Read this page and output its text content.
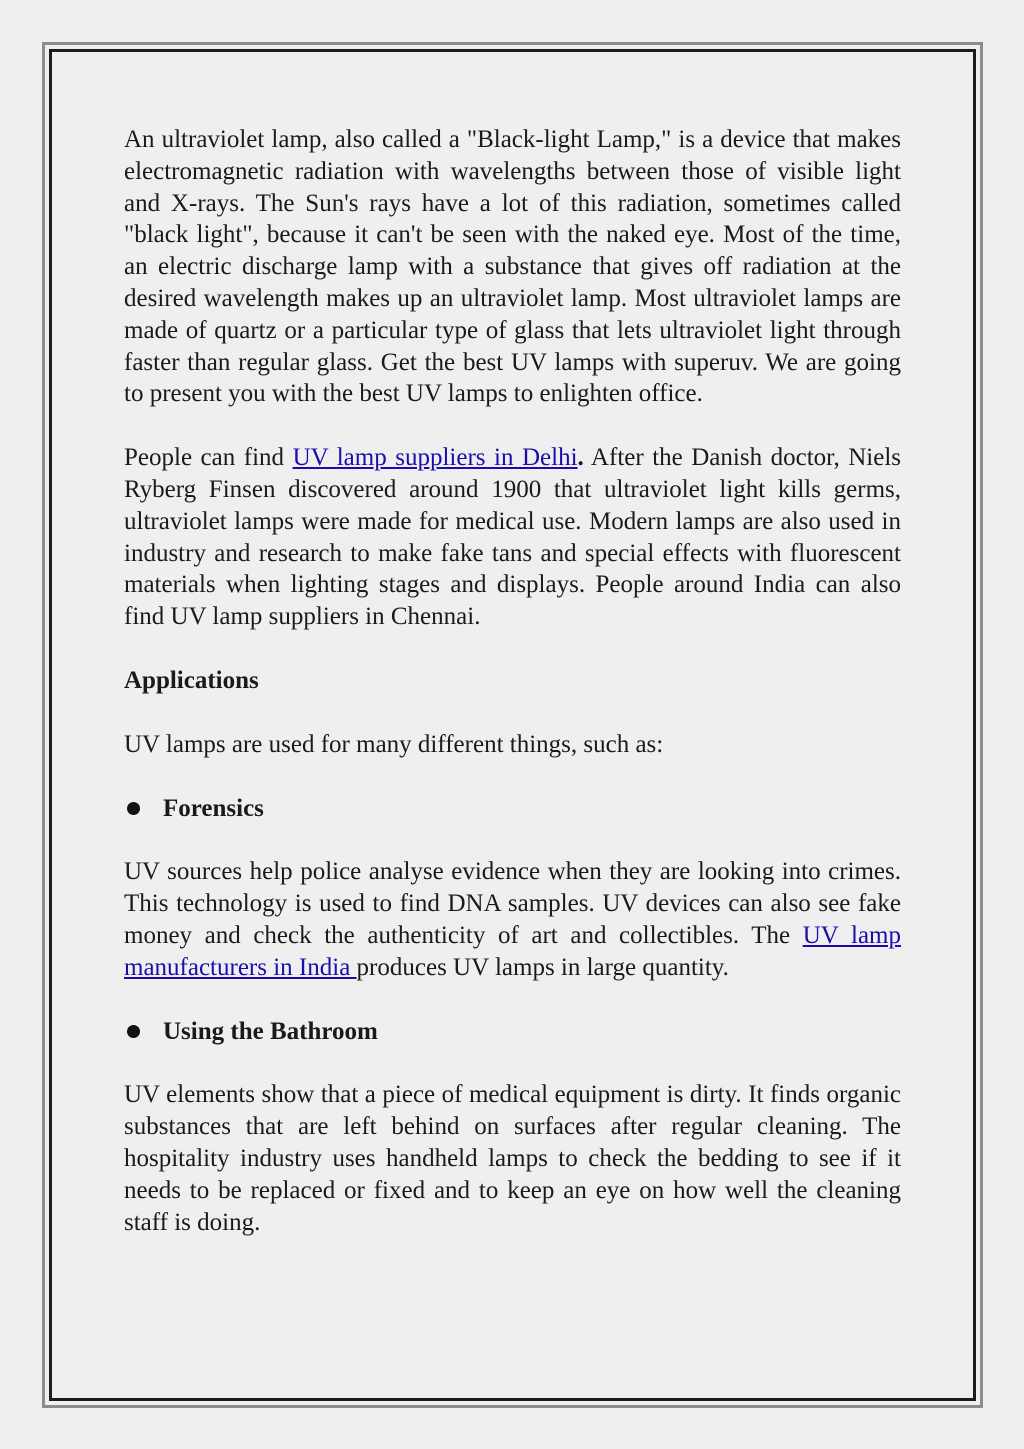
An ultraviolet lamp, also called a "Black-light Lamp," is a device that makes electromagnetic radiation with wavelengths between those of visible light and X-rays. The Sun's rays have a lot of this radiation, sometimes called "black light", because it can't be seen with the naked eye. Most of the time, an electric discharge lamp with a substance that gives off radiation at the desired wavelength makes up an ultraviolet lamp. Most ultraviolet lamps are made of quartz or a particular type of glass that lets ultraviolet light through faster than regular glass. Get the best UV lamps with superuv. We are going to present you with the best UV lamps to enlighten office.

People can find UV lamp suppliers in Delhi. After the Danish doctor, Niels Ryberg Finsen discovered around 1900 that ultraviolet light kills germs, ultraviolet lamps were made for medical use. Modern lamps are also used in industry and research to make fake tans and special effects with fluorescent materials when lighting stages and displays. People around India can also find UV lamp suppliers in Chennai.

Applications

UV lamps are used for many different things, such as:

Forensics

UV sources help police analyse evidence when they are looking into crimes. This technology is used to find DNA samples. UV devices can also see fake money and check the authenticity of art and collectibles. The UV lamp manufacturers in India produces UV lamps in large quantity.

Using the Bathroom

UV elements show that a piece of medical equipment is dirty. It finds organic substances that are left behind on surfaces after regular cleaning. The hospitality industry uses handheld lamps to check the bedding to see if it needs to be replaced or fixed and to keep an eye on how well the cleaning staff is doing.
